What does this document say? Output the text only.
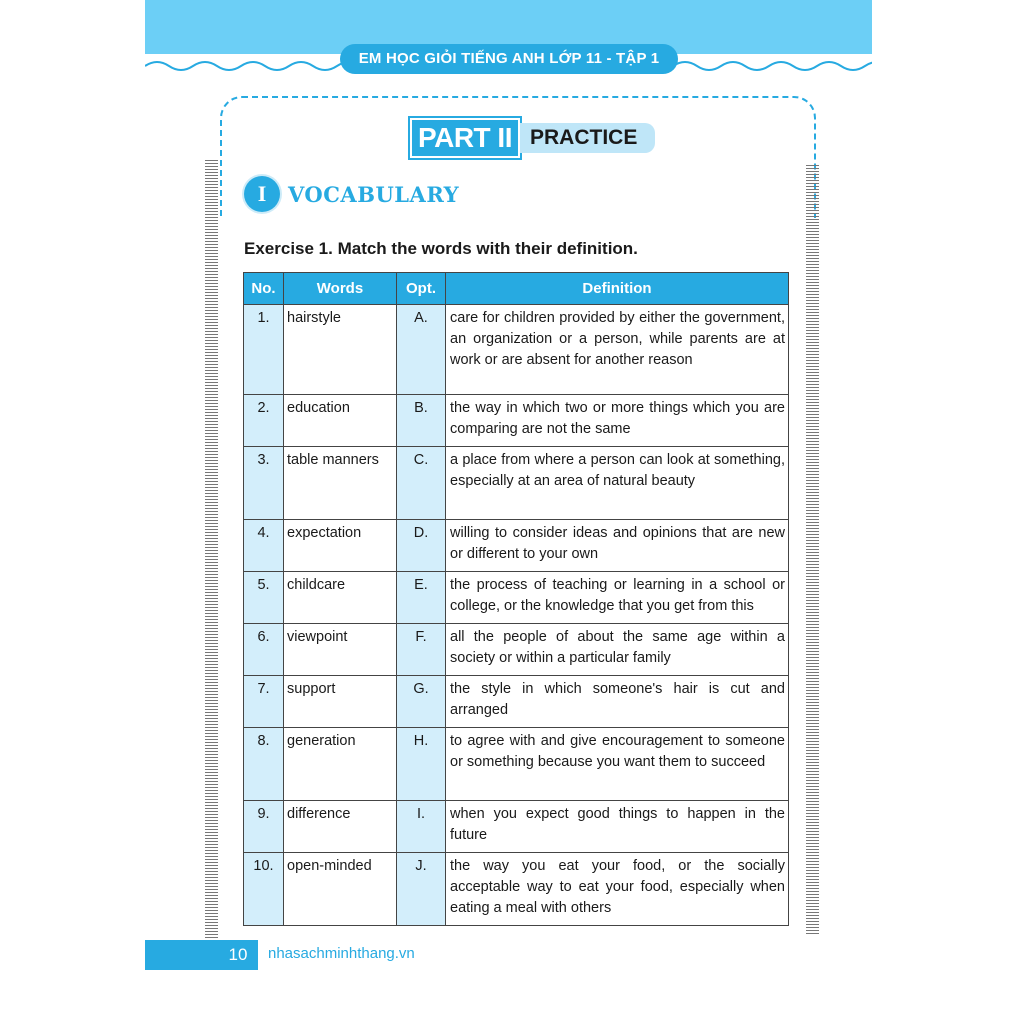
EM HỌC GIỎI TIẾNG ANH LỚP 11 - TẬP 1
PART II PRACTICE
I	VOCABULARY
Exercise 1. Match the words with their definition.
No.	Words	Opt.	Definition
1.	hairstyle	A.	care for children provided by either the government, an organization or a person, while parents are at work or are absent for another reason
2.	education	B.	the way in which two or more things which you are comparing are not the same
3.	table manners	C.	a place from where a person can look at something, especially at an area of natural beauty
4.	expectation	D.	willing to consider ideas and opinions that are new or different to your own
5.	childcare	E.	the process of teaching or learning in a school or college, or the knowledge that you get from this
6.	viewpoint	F.	all the people of about the same age within a society or within a particular family
7.	support	G.	the style in which someone's hair is cut and arranged
8.	generation	H.	to agree with and give encouragement to someone or something because you want them to succeed
9.	difference	I.	when you expect good things to happen in the future
10.	open-minded	J.	the way you eat your food, or the socially acceptable way to eat your food, especially when eating a meal with others
10	nhasachminhthang.vn
